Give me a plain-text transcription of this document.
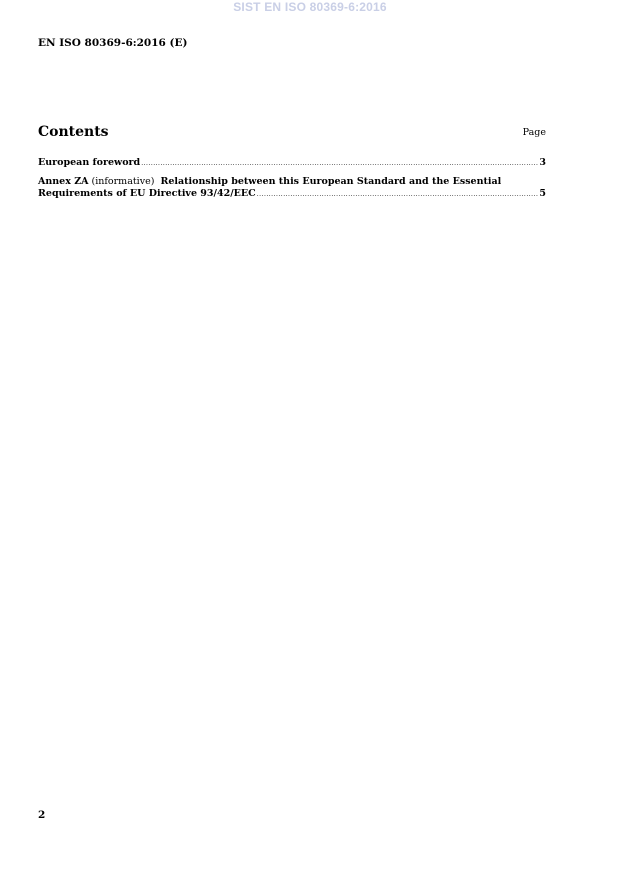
SIST EN ISO 80369-6:2016
EN ISO 80369-6:2016 (E)
Contents	Page
European foreword .....	3
Annex ZA (informative) Relationship between this European Standard and the Essential
Requirements of EU Directive 93/42/EEC .....	5
2
